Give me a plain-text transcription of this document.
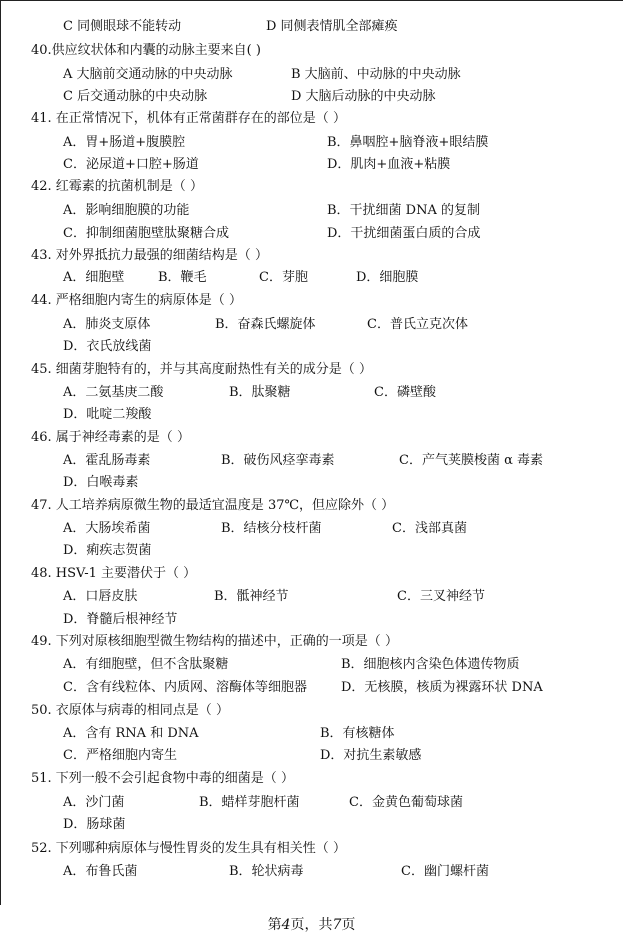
C 同侧眼球不能转动	D 同侧表情肌全部瘫痪
40.供应纹状体和内囊的动脉主要来自( )
A 大脑前交通动脉的中央动脉	B 大脑前、中动脉的中央动脉
C 后交通动脉的中央动脉	D 大脑后动脉的中央动脉
41. 在正常情况下，机体有正常菌群存在的部位是（ ）
A．胃+肠道+腹膜腔	B．鼻咽腔+脑脊液+眼结膜
C．泌尿道+口腔+肠道	D．肌肉+血液+粘膜
42. 红霉素的抗菌机制是（ ）
A．影响细胞膜的功能	B．干扰细菌 DNA 的复制
C．抑制细菌胞壁肽聚糖合成	D．干扰细菌蛋白质的合成
43. 对外界抵抗力最强的细菌结构是（ ）
A．细胞壁	B．鞭毛	C．芽胞	D．细胞膜
44. 严格细胞内寄生的病原体是（ ）
A．肺炎支原体	B．奋森氏螺旋体	C．普氏立克次体
D．衣氏放线菌
45. 细菌芽胞特有的，并与其高度耐热性有关的成分是（ ）
A．二氨基庚二酸	B．肽聚糖	C．磷壁酸
D．吡啶二羧酸
46. 属于神经毒素的是（ ）
A．霍乱肠毒素	B．破伤风痉挛毒素	C．产气荚膜梭菌 α 毒素
D．白喉毒素
47. 人工培养病原微生物的最适宜温度是 37℃，但应除外（ ）
A．大肠埃希菌	B．结核分枝杆菌	C．浅部真菌
D．痢疾志贺菌
48. HSV-1 主要潜伏于（ ）
A．口唇皮肤	B．骶神经节	C．三叉神经节
D．脊髓后根神经节
49. 下列对原核细胞型微生物结构的描述中，正确的一项是（ ）
A．有细胞壁，但不含肽聚糖	B．细胞核内含染色体遗传物质
C．含有线粒体、内质网、溶酶体等细胞器	D．无核膜，核质为裸露环状 DNA
50. 衣原体与病毒的相同点是（ ）
A．含有 RNA 和 DNA	B．有核糖体
C．严格细胞内寄生	D．对抗生素敏感
51. 下列一般不会引起食物中毒的细菌是（ ）
A．沙门菌	B．蜡样芽胞杆菌	C．金黄色葡萄球菌
D．肠球菌
52. 下列哪种病原体与慢性胃炎的发生具有相关性（ ）
A．布鲁氏菌	B．轮状病毒	C．幽门螺杆菌
第4页，共7页
